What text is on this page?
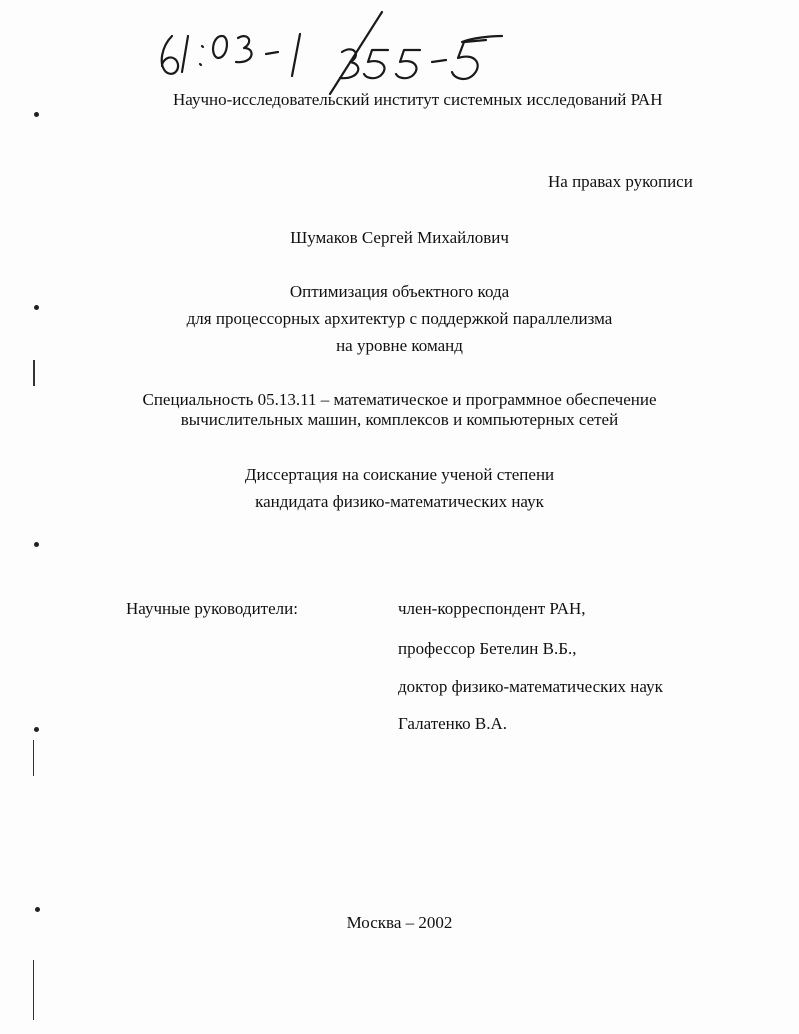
Научно-исследовательский институт системных исследований РАН
На правах рукописи
Шумаков Сергей Михайлович
Оптимизация объектного кода
для процессорных архитектур с поддержкой параллелизма
на уровне команд
Специальность 05.13.11 – математическое и программное обеспечение
вычислительных машин, комплексов и компьютерных сетей
Диссертация на соискание ученой степени
кандидата физико-математических наук
Научные руководители:	член-корреспондент РАН,
профессор Бетелин В.Б.,
доктор физико-математических наук
Галатенко В.А.
Москва – 2002
